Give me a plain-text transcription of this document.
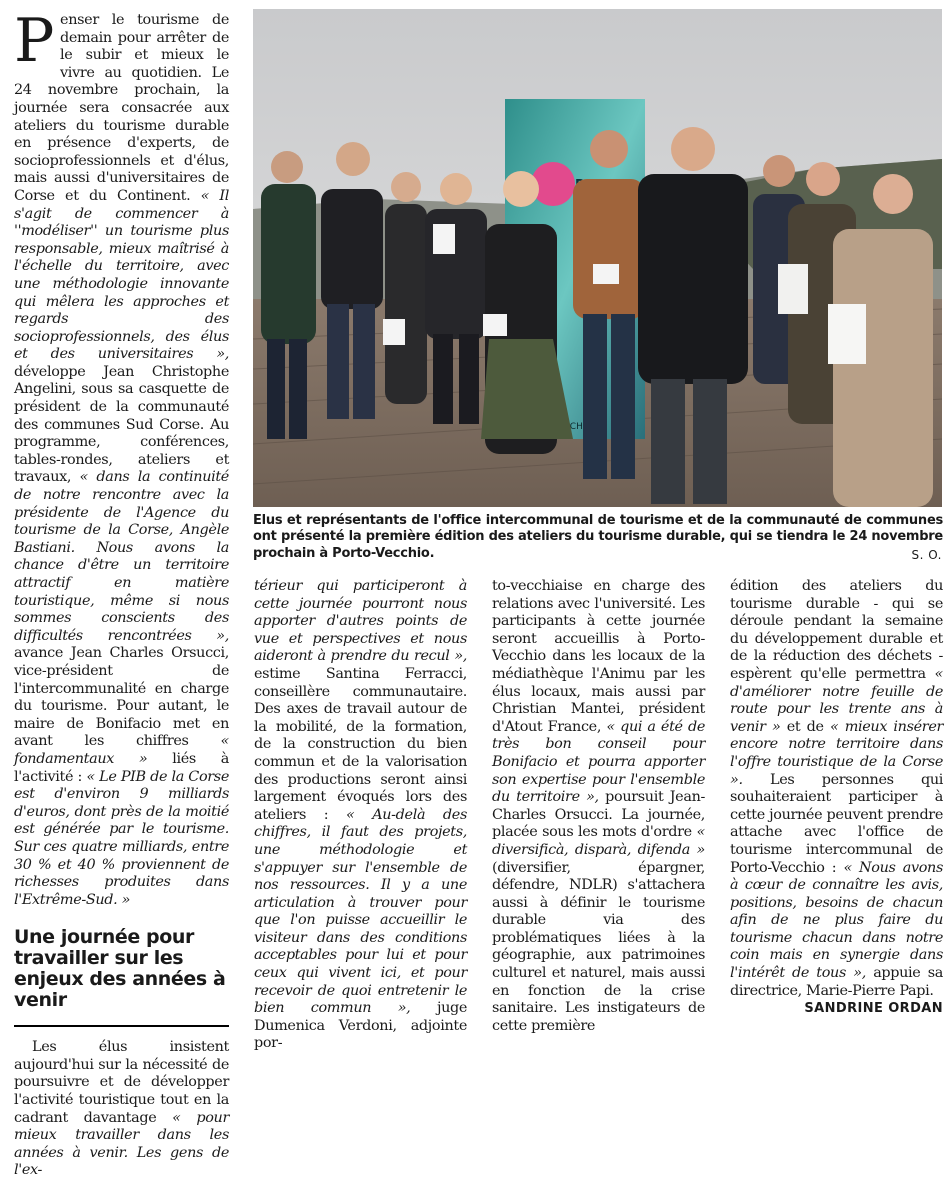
Penser le tourisme de demain pour arrêter de le subir et mieux le vivre au quotidien. Le 24 novembre prochain, la journée sera consacrée aux ateliers du tourisme durable en présence d'experts, de socioprofessionnels et d'élus, mais aussi d'universitaires de Corse et du Continent. « Il s'agit de commencer à ''modéliser'' un tourisme plus responsable, mieux maîtrisé à l'échelle du territoire, avec une méthodologie innovante qui mêlera les approches et regards des socioprofessionnels, des élus et des universitaires », développe Jean Christophe Angelini, sous sa casquette de président de la communauté des communes Sud Corse. Au programme, conférences, tables-rondes, ateliers et travaux, « dans la continuité de notre rencontre avec la présidente de l'Agence du tourisme de la Corse, Angèle Bastiani. Nous avons la chance d'être un territoire attractif en matière touristique, même si nous sommes conscients des difficultés rencontrées », avance Jean Charles Orsucci, vice-président de l'intercommunalité en charge du tourisme. Pour autant, le maire de Bonifacio met en avant les chiffres « fondamentaux » liés à l'activité : « Le PIB de la Corse est d'environ 9 milliards d'euros, dont près de la moitié est générée par le tourisme. Sur ces quatre milliards, entre 30 % et 40 % proviennent de richesses produites dans l'Extrême-Sud. »

Une journée pour travailler sur les enjeux des années à venir

Les élus insistent aujourd'hui sur la nécessité de poursuivre et de développer l'activité touristique tout en la cadrant davantage « pour mieux travailler dans les années à venir. Les gens de l'ex-

Elus et représentants de l'office intercommunal de tourisme et de la communauté de communes ont présenté la première édition des ateliers du tourisme durable, qui se tiendra le 24 novembre prochain à Porto-Vecchio.	S. O.

térieur qui participeront à cette journée pourront nous apporter d'autres points de vue et perspectives et nous aideront à prendre du recul », estime Santina Ferracci, conseillère communautaire. Des axes de travail autour de la mobilité, de la formation, de la construction du bien commun et de la valorisation des productions seront ainsi largement évoqués lors des ateliers : « Au-delà des chiffres, il faut des projets, une méthodologie et s'appuyer sur l'ensemble de nos ressources. Il y a une articulation à trouver pour que l'on puisse accueillir le visiteur dans des conditions acceptables pour lui et pour ceux qui vivent ici, et pour recevoir de quoi entretenir le bien commun », juge Dumenica Verdoni, adjointe por-

to-vecchiaise en charge des relations avec l'université. Les participants à cette journée seront accueillis à Porto-Vecchio dans les locaux de la médiathèque l'Animu par les élus locaux, mais aussi par Christian Mantei, président d'Atout France, « qui a été de très bon conseil pour Bonifacio et pourra apporter son expertise pour l'ensemble du territoire », poursuit Jean-Charles Orsucci. La journée, placée sous les mots d'ordre « diversificà, disparà, difenda » (diversifier, épargner, défendre, NDLR) s'attachera aussi à définir le tourisme durable via des problématiques liées à la géographie, aux patrimoines culturel et naturel, mais aussi en fonction de la crise sanitaire. Les instigateurs de cette première

édition des ateliers du tourisme durable - qui se déroule pendant la semaine du développement durable et de la réduction des déchets - espèrent qu'elle permettra « d'améliorer notre feuille de route pour les trente ans à venir » et de « mieux insérer encore notre territoire dans l'offre touristique de la Corse ». Les personnes qui souhaiteraient participer à cette journée peuvent prendre attache avec l'office de tourisme intercommunal de Porto-Vecchio : « Nous avons à cœur de connaître les avis, positions, besoins de chacun afin de ne plus faire du tourisme chacun dans notre coin mais en synergie dans l'intérêt de tous », appuie sa directrice, Marie-Pierre Papi.

SANDRINE ORDAN
